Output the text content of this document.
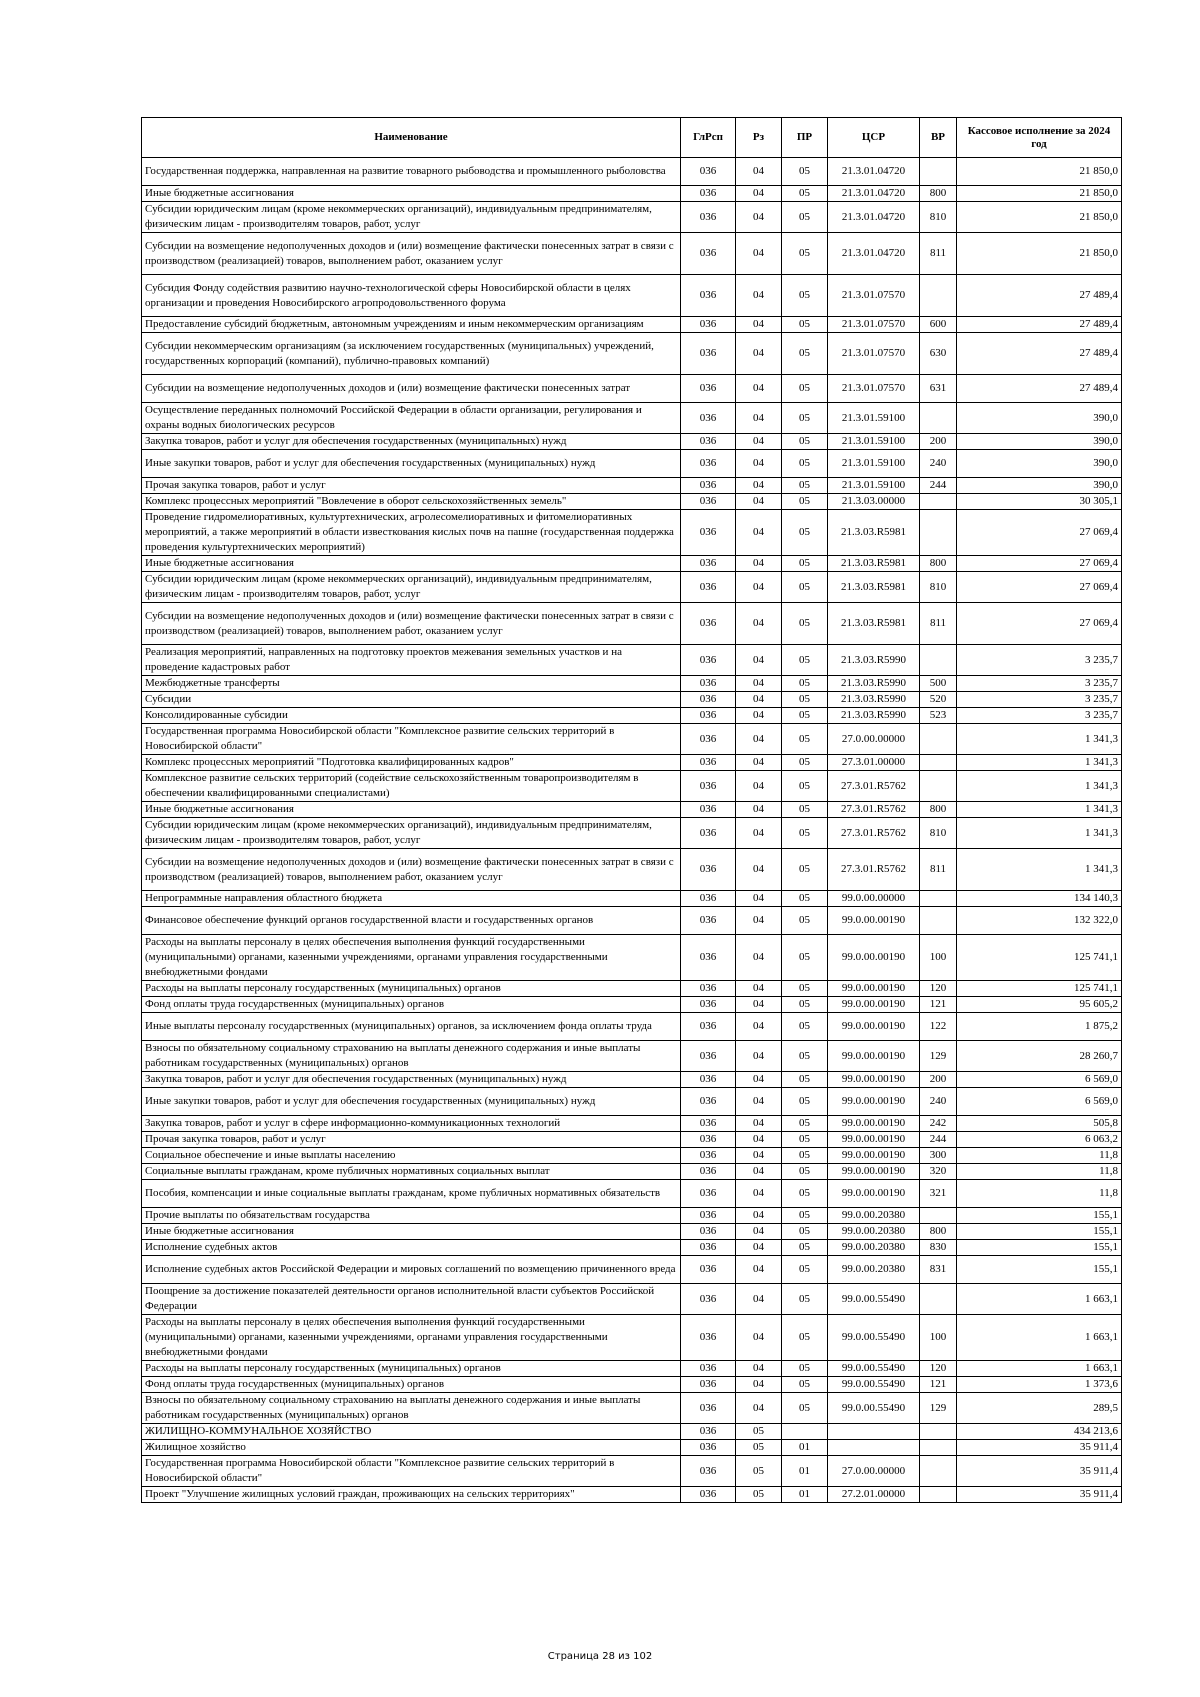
Наименование	ГлРсп	Рз	ПР	ЦСР	ВР	Кассовое исполнение за 2024 год
Государственная поддержка, направленная на развитие товарного рыбоводства и промышленного рыболовства	036	04	05	21.3.01.04720		21 850,0
Иные бюджетные ассигнования	036	04	05	21.3.01.04720	800	21 850,0
Субсидии юридическим лицам (кроме некоммерческих организаций), индивидуальным предпринимателям, физическим лицам - производителям товаров, работ, услуг	036	04	05	21.3.01.04720	810	21 850,0
Субсидии на возмещение недополученных доходов и (или) возмещение фактически понесенных затрат в связи с производством (реализацией) товаров, выполнением работ, оказанием услуг	036	04	05	21.3.01.04720	811	21 850,0
Субсидия Фонду содействия развитию научно-технологической сферы Новосибирской области в целях организации и проведения Новосибирского агропродовольственного форума	036	04	05	21.3.01.07570		27 489,4
Предоставление субсидий бюджетным, автономным учреждениям и иным некоммерческим организациям	036	04	05	21.3.01.07570	600	27 489,4
Субсидии некоммерческим организациям (за исключением государственных (муниципальных) учреждений, государственных корпораций (компаний), публично-правовых компаний)	036	04	05	21.3.01.07570	630	27 489,4
Субсидии на возмещение недополученных доходов и (или) возмещение фактически понесенных затрат	036	04	05	21.3.01.07570	631	27 489,4
Осуществление переданных полномочий Российской Федерации в области организации, регулирования и охраны водных биологических ресурсов	036	04	05	21.3.01.59100		390,0
Закупка товаров, работ и услуг для обеспечения государственных (муниципальных) нужд	036	04	05	21.3.01.59100	200	390,0
Иные закупки товаров, работ и услуг для обеспечения государственных (муниципальных) нужд	036	04	05	21.3.01.59100	240	390,0
Прочая закупка товаров, работ и услуг	036	04	05	21.3.01.59100	244	390,0
Комплекс процессных мероприятий "Вовлечение в оборот сельскохозяйственных земель"	036	04	05	21.3.03.00000		30 305,1
Проведение гидромелиоративных, культуртехнических, агролесомелиоративных и фитомелиоративных мероприятий, а также мероприятий в области известкования кислых почв на пашне (государственная поддержка проведения культуртехнических мероприятий)	036	04	05	21.3.03.R5981		27 069,4
Иные бюджетные ассигнования	036	04	05	21.3.03.R5981	800	27 069,4
Субсидии юридическим лицам (кроме некоммерческих организаций), индивидуальным предпринимателям, физическим лицам - производителям товаров, работ, услуг	036	04	05	21.3.03.R5981	810	27 069,4
Субсидии на возмещение недополученных доходов и (или) возмещение фактически понесенных затрат в связи с производством (реализацией) товаров, выполнением работ, оказанием услуг	036	04	05	21.3.03.R5981	811	27 069,4
Реализация мероприятий, направленных на подготовку проектов межевания земельных участков и на проведение кадастровых работ	036	04	05	21.3.03.R5990		3 235,7
Межбюджетные трансферты	036	04	05	21.3.03.R5990	500	3 235,7
Субсидии	036	04	05	21.3.03.R5990	520	3 235,7
Консолидированные субсидии	036	04	05	21.3.03.R5990	523	3 235,7
Государственная программа Новосибирской области "Комплексное развитие сельских территорий в Новосибирской области"	036	04	05	27.0.00.00000		1 341,3
Комплекс процессных мероприятий "Подготовка квалифицированных кадров"	036	04	05	27.3.01.00000		1 341,3
Комплексное развитие сельских территорий (содействие сельскохозяйственным товаропроизводителям в обеспечении квалифицированными специалистами)	036	04	05	27.3.01.R5762		1 341,3
Иные бюджетные ассигнования	036	04	05	27.3.01.R5762	800	1 341,3
Субсидии юридическим лицам (кроме некоммерческих организаций), индивидуальным предпринимателям, физическим лицам - производителям товаров, работ, услуг	036	04	05	27.3.01.R5762	810	1 341,3
Субсидии на возмещение недополученных доходов и (или) возмещение фактически понесенных затрат в связи с производством (реализацией) товаров, выполнением работ, оказанием услуг	036	04	05	27.3.01.R5762	811	1 341,3
Непрограммные направления областного бюджета	036	04	05	99.0.00.00000		134 140,3
Финансовое обеспечение функций органов государственной власти и государственных органов	036	04	05	99.0.00.00190		132 322,0
Расходы на выплаты персоналу в целях обеспечения выполнения функций государственными (муниципальными) органами, казенными учреждениями, органами управления государственными внебюджетными фондами	036	04	05	99.0.00.00190	100	125 741,1
Расходы на выплаты персоналу государственных (муниципальных) органов	036	04	05	99.0.00.00190	120	125 741,1
Фонд оплаты труда государственных (муниципальных) органов	036	04	05	99.0.00.00190	121	95 605,2
Иные выплаты персоналу государственных (муниципальных) органов, за исключением фонда оплаты труда	036	04	05	99.0.00.00190	122	1 875,2
Взносы по обязательному социальному страхованию на выплаты денежного содержания и иные выплаты работникам государственных (муниципальных) органов	036	04	05	99.0.00.00190	129	28 260,7
Закупка товаров, работ и услуг для обеспечения государственных (муниципальных) нужд	036	04	05	99.0.00.00190	200	6 569,0
Иные закупки товаров, работ и услуг для обеспечения государственных (муниципальных) нужд	036	04	05	99.0.00.00190	240	6 569,0
Закупка товаров, работ и услуг в сфере информационно-коммуникационных технологий	036	04	05	99.0.00.00190	242	505,8
Прочая закупка товаров, работ и услуг	036	04	05	99.0.00.00190	244	6 063,2
Социальное обеспечение и иные выплаты населению	036	04	05	99.0.00.00190	300	11,8
Социальные выплаты гражданам, кроме публичных нормативных социальных выплат	036	04	05	99.0.00.00190	320	11,8
Пособия, компенсации и иные социальные выплаты гражданам, кроме публичных нормативных обязательств	036	04	05	99.0.00.00190	321	11,8
Прочие выплаты по обязательствам государства	036	04	05	99.0.00.20380		155,1
Иные бюджетные ассигнования	036	04	05	99.0.00.20380	800	155,1
Исполнение судебных актов	036	04	05	99.0.00.20380	830	155,1
Исполнение судебных актов Российской Федерации и мировых соглашений по возмещению причиненного вреда	036	04	05	99.0.00.20380	831	155,1
Поощрение за достижение показателей деятельности органов исполнительной власти субъектов Российской Федерации	036	04	05	99.0.00.55490		1 663,1
Расходы на выплаты персоналу в целях обеспечения выполнения функций государственными (муниципальными) органами, казенными учреждениями, органами управления государственными внебюджетными фондами	036	04	05	99.0.00.55490	100	1 663,1
Расходы на выплаты персоналу государственных (муниципальных) органов	036	04	05	99.0.00.55490	120	1 663,1
Фонд оплаты труда государственных (муниципальных) органов	036	04	05	99.0.00.55490	121	1 373,6
Взносы по обязательному социальному страхованию на выплаты денежного содержания и иные выплаты работникам государственных (муниципальных) органов	036	04	05	99.0.00.55490	129	289,5
ЖИЛИЩНО-КОММУНАЛЬНОЕ ХОЗЯЙСТВО	036	05				434 213,6
Жилищное хозяйство	036	05	01			35 911,4
Государственная программа Новосибирской области "Комплексное развитие сельских территорий в Новосибирской области"	036	05	01	27.0.00.00000		35 911,4
Проект "Улучшение жилищных условий граждан, проживающих на сельских территориях"	036	05	01	27.2.01.00000		35 911,4
Страница 28 из 102
